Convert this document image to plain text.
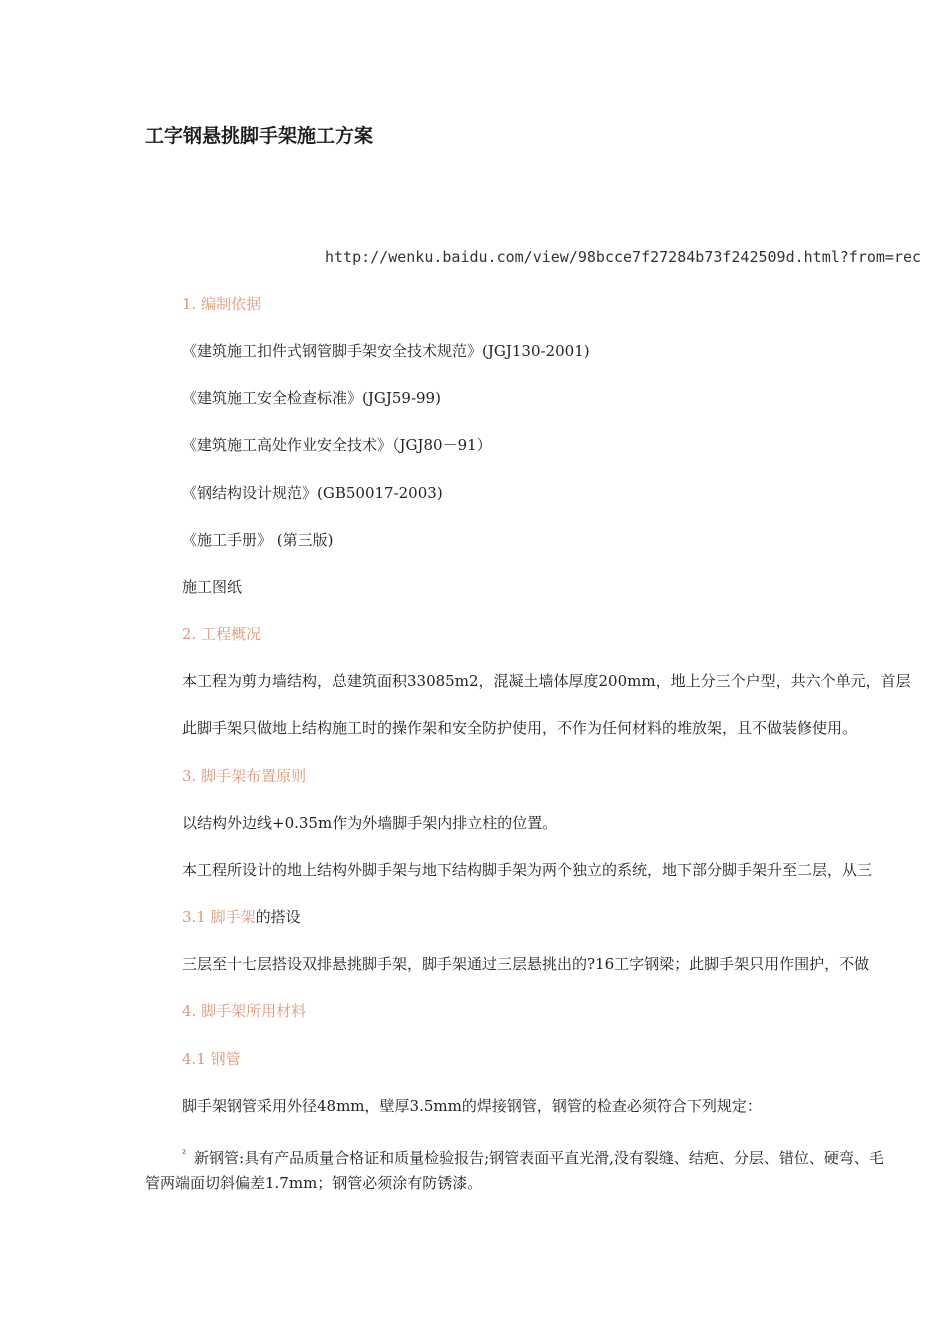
工字钢悬挑脚手架施工方案
http://wenku.baidu.com/view/98bcce7f27284b73f242509d.html?from=rec
1. 编制依据
《建筑施工扣件式钢管脚手架安全技术规范》(JGJ130-2001)
《建筑施工安全检查标准》(JGJ59-99)
《建筑施工高处作业安全技术》（JGJ80－91）
《钢结构设计规范》(GB50017-2003)
《施工手册》 (第三版)
施工图纸
2. 工程概况
本工程为剪力墙结构，总建筑面积33085m2，混凝土墙体厚度200mm，地上分三个户型，共六个单元，首层
此脚手架只做地上结构施工时的操作架和安全防护使用，不作为任何材料的堆放架，且不做装修使用。
3. 脚手架布置原则
以结构外边线+0.35m作为外墙脚手架内排立柱的位置。
本工程所设计的地上结构外脚手架与地下结构脚手架为两个独立的系统，地下部分脚手架升至二层，从三
3.1 脚手架的搭设
三层至十七层搭设双排悬挑脚手架，脚手架通过三层悬挑出的?16工字钢梁；此脚手架只用作围护，不做
4. 脚手架所用材料
4.1 钢管
脚手架钢管采用外径48mm，壁厚3.5mm的焊接钢管，钢管的检查必须符合下列规定：
$^{^2}$ 新钢管:具有产品质量合格证和质量检验报告;钢管表面平直光滑,没有裂缝、结疤、分层、错位、硬弯、毛
管两端面切斜偏差1.7mm；钢管必须涂有防锈漆。
